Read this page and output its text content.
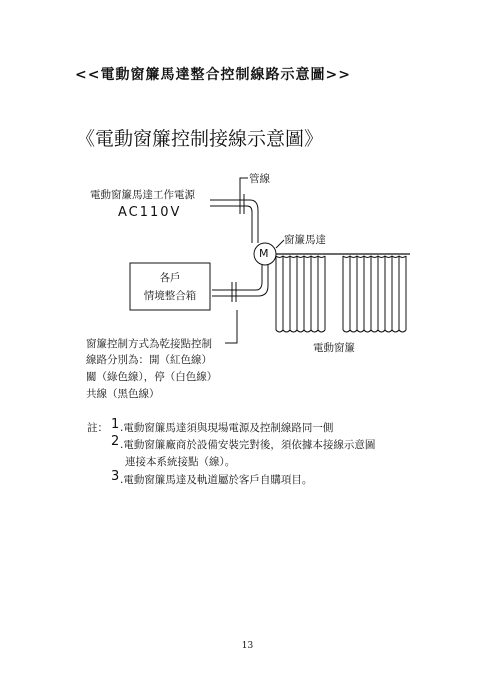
<<電動窗簾馬達整合控制線路示意圖>>
《電動窗簾控制接線示意圖》
電動窗簾馬達工作電源
AC110V
管線
M
窗簾馬達
各戶
情境整合箱
窗簾控制方式為乾接點控制
線路分別為：開（紅色線）
關（綠色線），停（白色線）
共線（黑色線）
電動窗簾
註： 1 .電動窗簾馬達須與現場電源及控制線路同一側
2 .電動窗簾廠商於設備安裝完對後，須依據本接線示意圖
連接本系統接點（線）。
3 .電動窗簾馬達及軌道屬於客戶自購項目。
13
